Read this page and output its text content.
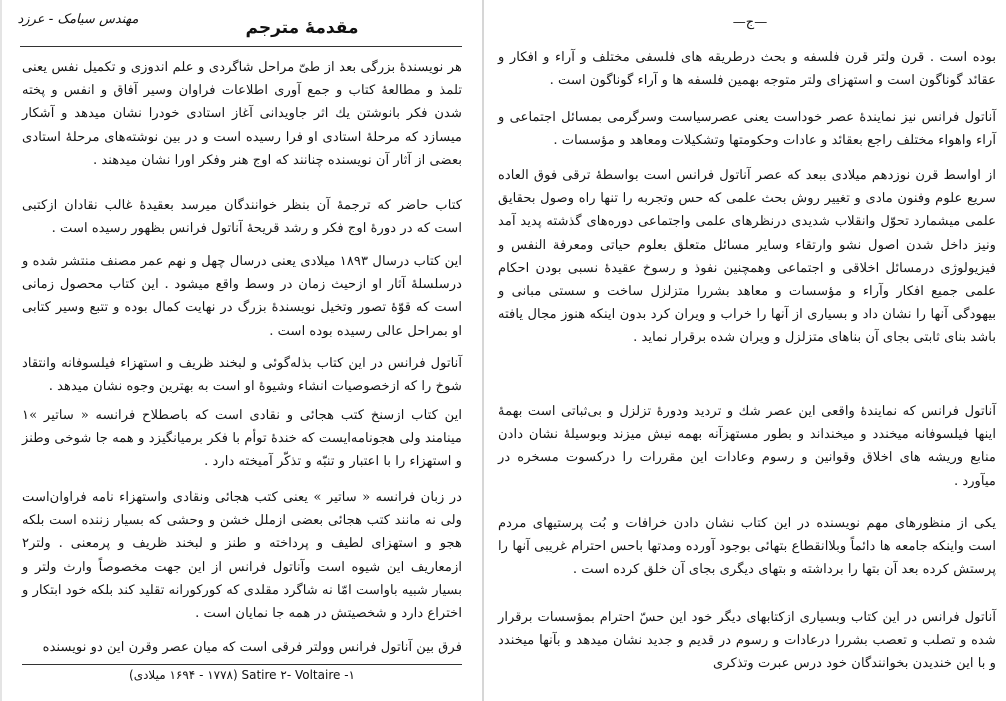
مهندس سیامک - عرزد	مقدمهٔ مترجم

هر نویسندهٔ بزرگی بعد از طیّ مراحل شاگردی و علم اندوزی و تکمیل نفس یعنی تلمذ و مطالعهٔ کتاب و جمع آوری اطلاعات فراوان وسیر آفاق و انفس و پخته شدن فکر بانوشتن یك اثر جاویدانی آغاز استادی خودرا نشان میدهد و آشکار میسازد که مرحلهٔ استادی او فرا رسیده است و در بین نوشته‌های مرحلهٔ استادی بعضی از آثار آن نویسنده چنانند که اوج هنر وفکر اورا نشان میدهند .

کتاب حاضر که ترجمهٔ آن بنظر خوانندگان میرسد بعقیدهٔ غالب نقادان ازکتبی است که در دورهٔ اوج فکر و رشد قریحهٔ آناتول فرانس بظهور رسیده است .

این کتاب درسال ۱۸۹۳ میلادی یعنی درسال چهل و نهم عمر مصنف منتشر شده و درسلسلهٔ آثار او ازحیث زمان در وسط واقع میشود . این کتاب محصول زمانی است که قوّهٔ تصور وتخیل نویسندهٔ بزرگ در نهایت کمال بوده و تتبع وسیر کتابی او بمراحل عالی رسیده بوده است .

آناتول فرانس در این کتاب بذله‌گوئی و لبخند ظریف و استهزاء فیلسوفانه وانتقاد شوخ را که ازخصوصیات انشاء وشیوهٔ او است به بهترین وجوه نشان میدهد .

این کتاب ازسنخ کتب هجائی و نقادی است که باصطلاح فرانسه « ساتیر »۱ مینامند ولی هجونامه‌ایست که خندهٔ توأم با فکر برمیانگیزد و همه جا شوخی وطنز و استهزاء را با اعتبار و تنبّه و تذکّر آمیخته دارد .

در زبان فرانسه « ساتیر » یعنی کتب هجائی ونقادی واستهزاء نامه فراوان‌است ولی نه مانند کتب هجائی بعضی ازملل خشن و وحشی که بسیار زننده است بلکه هجو و استهزای لطیف و پرداخته و طنز و لبخند ظریف و پرمعنی . ولتر۲ ازمعاریف این شیوه است وآناتول فرانس از این جهت مخصوصاً وارث ولتر و بسیار شبیه باواست امّا نه شاگرد مقلدی که کورکورانه تقلید کند بلکه خود ابتکار و اختراع دارد و شخصیتش در همه جا نمایان است .

فرق بین آناتول فرانس وولتر فرقی است که میان عصر وقرن این دو نویسنده

۱- Satire ۲- Voltaire (۱۶۹۴ - ۱۷۷۸ میلادی)
—ج—

بوده است . قرن ولتر قرن فلسفه و بحث درطریقه های فلسفی مختلف و آراء و افکار و عقائد گوناگون است و استهزای ولتر متوجه بهمین فلسفه ها و آراء گوناگون است .

آناتول فرانس نیز نمایندهٔ عصر خوداست یعنی عصرسیاست وسرگرمی بمسائل اجتماعی و آراء واهواء مختلف راجع بعقائد و عادات وحکومتها وتشکیلات ومعاهد و مؤسسات .

از اواسط قرن نوزدهم میلادی ببعد که عصر آناتول فرانس است بواسطهٔ ترقی فوق العاده سریع علوم وفنون مادی و تغییر روش بحث علمی که حس وتجربه را تنها راه وصول بحقایق علمی میشمارد تحوّل وانقلاب شدیدی درنظرهای علمی واجتماعی دوره‌های گذشته پدید آمد ونیز داخل شدن اصول نشو وارتقاء وسایر مسائل متعلق بعلوم حیاتی ومعرفة النفس و فیزیولوژی درمسائل اخلاقی و اجتماعی وهمچنین نفوذ و رسوخ عقیدهٔ نسبی بودن احکام علمی جمیع افکار وآراء و مؤسسات و معاهد بشررا متزلزل ساخت و سستی مبانی و بیهودگی آنها را نشان داد و بسیاری از آنها را خراب و ویران کرد بدون اینکه هنوز مجال یافته باشد بنای ثابتی بجای آن بناهای متزلزل و ویران شده برقرار نماید .

آناتول فرانس که نمایندهٔ واقعی این عصر شك و تردید ودورهٔ تزلزل و بی‌ثباتی است بهمهٔ اینها فیلسوفانه میخندد و میخنداند و بطور مستهزآنه بهمه نیش میزند وبوسیلهٔ نشان دادن منابع وریشه های اخلاق وقوانین و رسوم وعادات این مقررات را درکسوت مسخره در میآورد .

یکی از منظورهای مهم نویسنده در این کتاب نشان دادن خرافات و بُت پرستیهای مردم است واینکه جامعه ها دائماً وبلاانقطاع بتهائی بوجود آورده ومدتها باحس احترام غریبی آنها را پرستش کرده بعد آن بتها را برداشته و بتهای دیگری بجای آن خلق کرده است .

آناتول فرانس در این کتاب وبسیاری ازکتابهای دیگر خود این حسّ احترام بمؤسسات برقرار شده و تصلب و تعصب بشررا درعادات و رسوم در قدیم و جدید نشان میدهد و بآنها میخندد و با این خندیدن بخوانندگان خود درس عبرت وتذکری
